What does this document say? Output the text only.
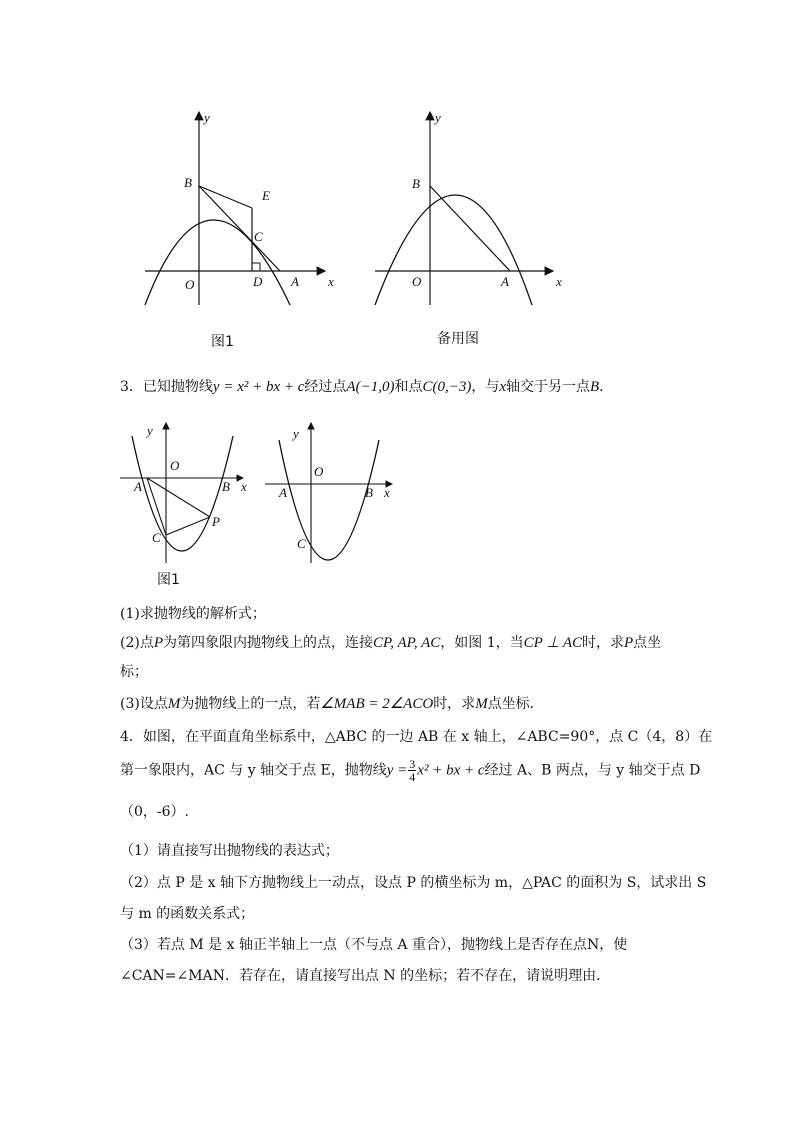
y
B
E
C
O	D A x
图1
y
B
O	A	x
备用图
3．已知抛物线y = x² + bx + c经过点A(−1,0)和点C(0,−3)，与x轴交于另一点B．
y
O
A	B x
C
P
图1
y
O
A	B x
C
(1)求抛物线的解析式；
(2)点P为第四象限内抛物线上的点，连接CP, AP, AC，如图 1，当CP ⊥ AC时，求P点坐
标；
(3)设点M为抛物线上的一点，若∠MAB = 2∠ACO时，求M点坐标．
4．如图，在平面直角坐标系中，△ABC 的一边 AB 在 x 轴上，∠ABC=90°，点 C（4，8）在
第一象限内，AC 与 y 轴交于点 E，抛物线$y = \frac{3}{4} x^2$ + bx + c经过 A、B 两点，与 y 轴交于点 D
（0，-6）.
（1）请直接写出抛物线的表达式；
（2）点 P 是 x 轴下方抛物线上一动点，设点 P 的横坐标为 m，△PAC 的面积为 S，试求出 S
与 m 的函数关系式；
（3）若点 M 是 x 轴正半轴上一点（不与点 A 重合），抛物线上是否存在点N，使
∠CAN=∠MAN．若存在，请直接写出点 N 的坐标；若不存在，请说明理由．
